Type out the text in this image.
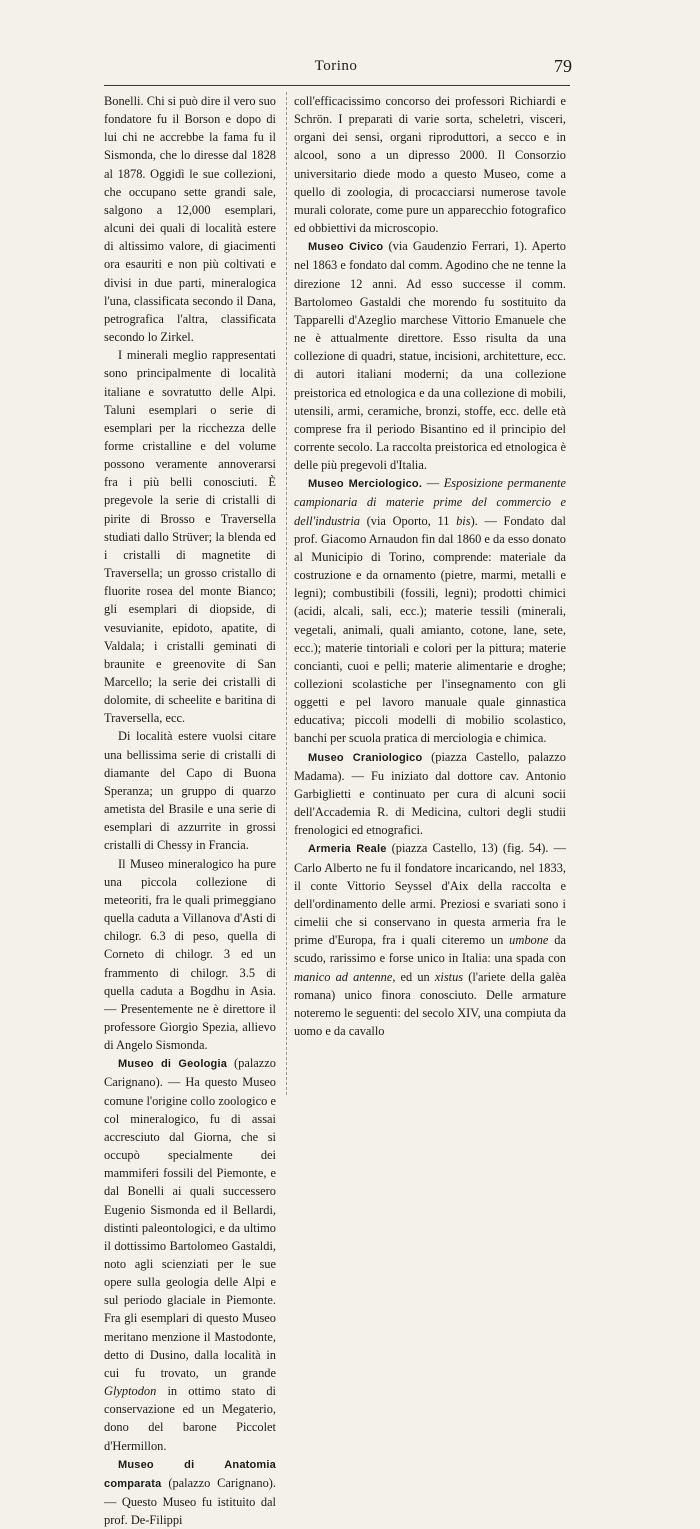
Torino	79

Bonelli. Chi si può dire il vero suo fondatore fu il Borson e dopo di lui chi ne accrebbe la fama fu il Sismonda, che lo diresse dal 1828 al 1878. Oggidì le sue collezioni, che occupano sette grandi sale, salgono a 12,000 esemplari, alcuni dei quali di località estere di altissimo valore, di giacimenti ora esauriti e non più coltivati e divisi in due parti, mineralogica l'una, classificata secondo il Dana, petrografica l'altra, classificata secondo lo Zirkel.

I minerali meglio rappresentati sono principalmente di località italiane e sovratutto delle Alpi. Taluni esemplari o serie di esemplari per la ricchezza delle forme cristalline e del volume possono veramente annoverarsi fra i più belli conosciuti. È pregevole la serie di cristalli di pirite di Brosso e Traversella studiati dallo Strüver; la blenda ed i cristalli di magnetite di Traversella; un grosso cristallo di fluorite rosea del monte Bianco; gli esemplari di diopside, di vesuvianite, epidoto, apatite, di Valdala; i cristalli geminati di braunite e greenovite di San Marcello; la serie dei cristalli di dolomite, di scheelite e baritina di Traversella, ecc.

Di località estere vuolsi citare una bellissima serie di cristalli di diamante del Capo di Buona Speranza; un gruppo di quarzo ametista del Brasile e una serie di esemplari di azzurrite in grossi cristalli di Chessy in Francia.

Il Museo mineralogico ha pure una piccola collezione di meteoriti, fra le quali primeggiano quella caduta a Villanova d'Asti di chilogr. 6.3 di peso, quella di Corneto di chilogr. 3 ed un frammento di chilogr. 3.5 di quella caduta a Bogdhu in Asia. — Presentemente ne è direttore il professore Giorgio Spezia, allievo di Angelo Sismonda.

Museo di Geologia (palazzo Carignano). — Ha questo Museo comune l'origine collo zoologico e col mineralogico, fu di assai accresciuto dal Giorna, che si occupò specialmente dei mammiferi fossili del Piemonte, e dal Bonelli ai quali successero Eugenio Sismonda ed il Bellardi, distinti paleontologici, e da ultimo il dottissimo Bartolomeo Gastaldi, noto agli scienziati per le sue opere sulla geologia delle Alpi e sul periodo glaciale in Piemonte. Fra gli esemplari di questo Museo meritano menzione il Mastodonte, detto di Dusino, dalla località in cui fu trovato, un grande Glyptodon in ottimo stato di conservazione ed un Megaterio, dono del barone Piccolet d'Hermillon.

Museo di Anatomia comparata (palazzo Carignano). — Questo Museo fu istituito dal prof. De-Filippi

coll'efficacissimo concorso dei professori Richiardi e Schrön. I preparati di varie sorta, scheletri, visceri, organi dei sensi, organi riproduttori, a secco e in alcool, sono a un dipresso 2000. Il Consorzio universitario diede modo a questo Museo, come a quello di zoologia, di procacciarsi numerose tavole murali colorate, come pure un apparecchio fotografico ed obbiettivi da microscopio.

Museo Civico (via Gaudenzio Ferrari, 1). Aperto nel 1863 e fondato dal comm. Agodino che ne tenne la direzione 12 anni. Ad esso successe il comm. Bartolomeo Gastaldi che morendo fu sostituito da Tapparelli d'Azeglio marchese Vittorio Emanuele che ne è attualmente direttore. Esso risulta da una collezione di quadri, statue, incisioni, architetture, ecc. di autori italiani moderni; da una collezione preistorica ed etnologica e da una collezione di mobili, utensili, armi, ceramiche, bronzi, stoffe, ecc. delle età comprese fra il periodo Bisantino ed il principio del corrente secolo. La raccolta preistorica ed etnologica è delle più pregevoli d'Italia.

Museo Merciologico. — Esposizione permanente campionaria di materie prime del commercio e dell'industria (via Oporto, 11 bis). — Fondato dal prof. Giacomo Arnaudon fin dal 1860 e da esso donato al Municipio di Torino, comprende: materiale da costruzione e da ornamento (pietre, marmi, metalli e legni); combustibili (fossili, legni); prodotti chimici (acidi, alcali, sali, ecc.); materie tessili (minerali, vegetali, animali, quali amianto, cotone, lane, sete, ecc.); materie tintoriali e colori per la pittura; materie concianti, cuoi e pelli; materie alimentarie e droghe; collezioni scolastiche per l'insegnamento con gli oggetti e pel lavoro manuale quale ginnastica educativa; piccoli modelli di mobilio scolastico, banchi per scuola pratica di merciologia e chimica.

Museo Craniologico (piazza Castello, palazzo Madama). — Fu iniziato dal dottore cav. Antonio Garbiglietti e continuato per cura di alcuni socii dell'Accademia R. di Medicina, cultori degli studii frenologici ed etnografici.

Armeria Reale (piazza Castello, 13) (fig. 54). — Carlo Alberto ne fu il fondatore incaricando, nel 1833, il conte Vittorio Seyssel d'Aix della raccolta e dell'ordinamento delle armi. Preziosi e svariati sono i cimelii che si conservano in questa armeria fra le prime d'Europa, fra i quali citeremo un umbone da scudo, rarissimo e forse unico in Italia: una spada con manico ad antenne, ed un xistus (l'ariete della galèa romana) unico finora conosciuto. Delle armature noteremo le seguenti: del secolo XIV, una compiuta da uomo e da cavallo
